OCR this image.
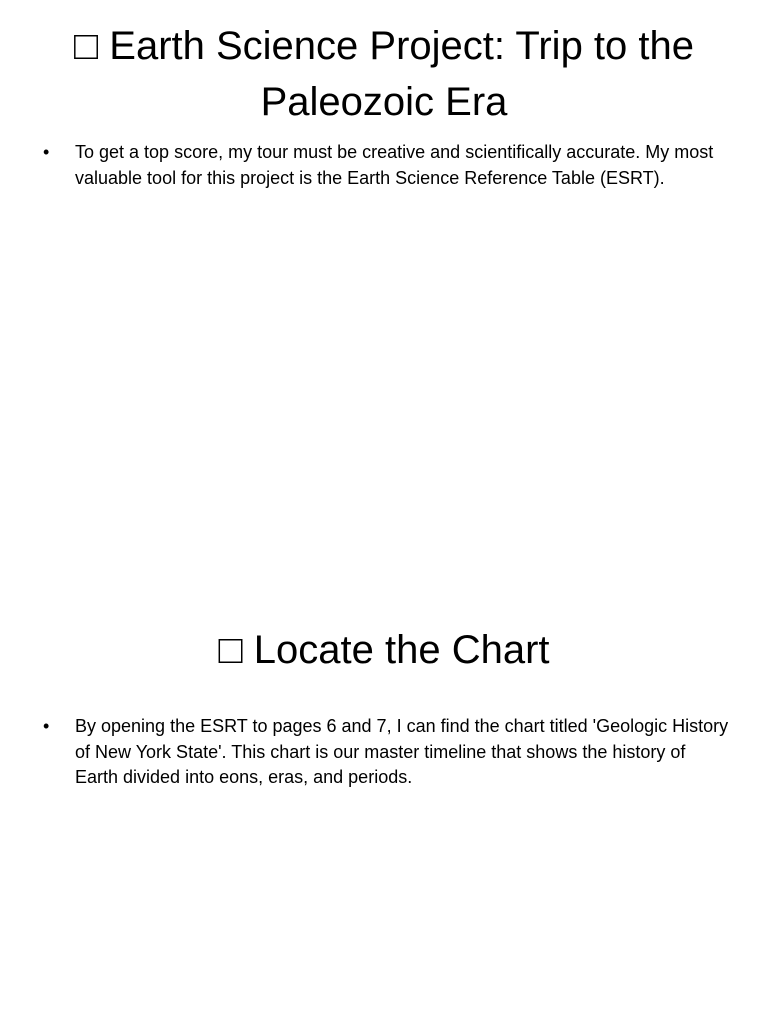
□ Earth Science Project: Trip to the Paleozoic Era
• To get a top score, my tour must be creative and scientifically accurate. My most valuable tool for this project is the Earth Science Reference Table (ESRT).
□ Locate the Chart
• By opening the ESRT to pages 6 and 7, I can find the chart titled 'Geologic History of New York State'. This chart is our master timeline that shows the history of Earth divided into eons, eras, and periods.
